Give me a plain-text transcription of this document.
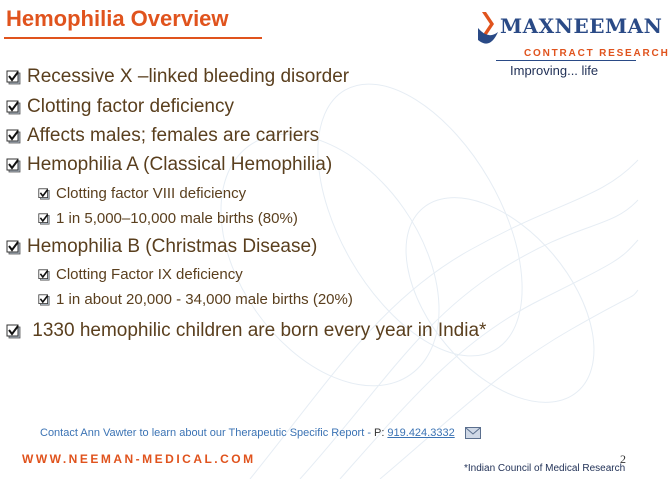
Hemophilia Overview	MAXNEEMAN
CONTRACT RESEARCH
Improving... life
Recessive X –linked bleeding disorder
Clotting factor deficiency
Affects males; females are carriers
Hemophilia A (Classical Hemophilia)
Clotting factor VIII deficiency
1 in 5,000–10,000 male births (80%)
Hemophilia B (Christmas Disease)
Clotting Factor IX deficiency
1 in about 20,000 - 34,000 male births (20%)
1330 hemophilic children are born every year in India*
Contact Ann Vawter to learn about our Therapeutic Specific Report - P: 919.424.3332
WWW.NEEMAN-MEDICAL.COM	2
*Indian Council of Medical Research
